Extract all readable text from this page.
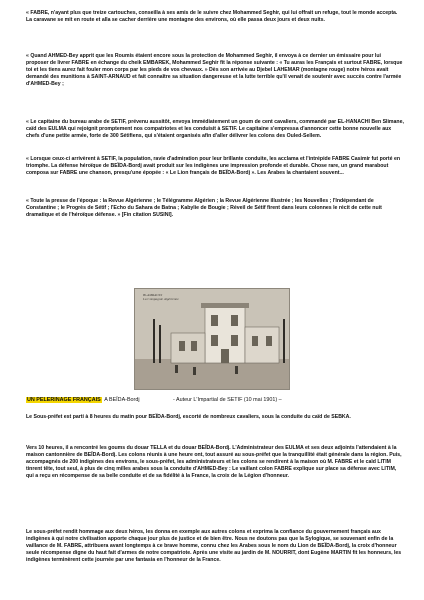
« FABRE, n'ayant plus que treize cartouches, conseilla à ses amis de le suivre chez Mohammed Seghir, qui lui offrait un refuge, tout le monde accepta. La caravane se mit en route et alla se cacher derrière une montagne des environs, où elle passa deux jours et deux nuits.

« Quand AHMED-Bey apprit que les Roumis étaient encore sous la protection de Mohammed Seghir, il envoya à ce dernier un émissaire pour lui proposer de livrer FABRE en échange du cheik EMBAREK, Mohammed Seghir fit la réponse suivante : « Tu auras les Français et surtout FABRE, lorsque toi et les tiens aurez fait fouler mon corps par les pieds de vos chevaux. » Dès son arrivée au Djebel LAHEMAR (montagne rouge) notre héros avait demandé des munitions à SAINT-ARNAUD et fait connaître sa situation dangereuse et la lutte terrible qu'il venait de soutenir avec succès contre l'armée d'AHMED-Bey ;

« Le capitaine du bureau arabe de SETIF, prévenu aussitôt, envoya immédiatement un goum de cent cavaliers, commandé par EL-HANACHI Ben Slimane, caïd des EULMA qui rejoignit promptement nos compatriotes et les conduisit à SETIF. Le capitaine s'empressa d'annoncer cette bonne nouvelle aux chefs d'une petite armée, forte de 300 Sétifiens, qui s'étaient organisés afin d'aller délivrer les colons des Ouled-Sellem.

« Lorsque ceux-ci arrivèrent à SETIF, la population, ravie d'admiration pour leur brillante conduite, les acclama et l'intrépide FABRE Casimir fut porté en triomphe. La défense héroïque de BEÏDA-Bordj avait produit sur les indigènes une impression profonde et durable. Chose rare, un grand marabout composa sur FABRE une chanson, presqu'une épopée : « Le Lion français de BEÏDA-Bordj ». Les Arabes la chantaient souvent...

« Toute la presse de l'époque : la Revue Algérienne ; le Télégramme Algérien ; la Revue Algérienne illustrée ; les Nouvelles ; l'Indépendant de Constantine ; le Progrès de Sétif ; l'Echo du Sahara de Batna ; Kabylie de Bougie ; Réveil de Sétif firent dans leurs colonnes le récit de cette nuit dramatique et de l'héroïque défense. » [Fin citation SUSINI].

Bi-AMRAOUI
La Compagnie Algérienne
UN PELERINAGE FRANÇAIS A BEÏDA-Bordj	- Auteur L'Impartial de SETIF (10 mai 1901) –

Le Sous-préfet est parti à 8 heures du matin pour BEÏDA-Bordj, escorté de nombreux cavaliers, sous la conduite du caïd de SEBKA.

Vers 10 heures, il a rencontré les goums du douar TELLA et du douar BEÏDA-Bordj. L'Administrateur des EULMA et ses deux adjoints l'attendaient à la maison cantonnière de BEÏDA-Bordj. Les colons réunis à une heure ont, tout assuré au sous-préfet que la tranquillité était générale dans la région. Puis, accompagnés de 200 indigènes des environs, le sous-préfet, les administrateurs et les colons se rendirent à la maison où M. FABRE et le caïd LITIM tinrent tête, tout seul, à plus de cinq milles arabes sous la conduite d'AHMED-Bey : Le vaillant colon FABRE explique sur place sa défense avec LITIM, qui a reçu en récompense de sa belle conduite et de sa fidélité à la France, la croix de la Légion d'honneur.

Le sous-préfet rendit hommage aux deux héros, les donna en exemple aux autres colons et exprima la confiance du gouvernement français aux indigènes à qui notre civilisation apporte chaque jour plus de justice et de bien être. Nous ne doutons pas que la Sylogique, se souvenant enfin de la vaillance de M. FABRE, attribuera avant longtemps à ce brave homme, connu chez les Arabes sous le nom du Lion de BEÏDA-Bordj, la croix d'honneur seule récompense digne du haut fait d'armes de notre compatriote. Après une visite au jardin de M. NOURRIT, dont Eugène MARTIN fit les honneurs, les indigènes terminèrent cette journée par une fantasia en l'honneur de la France.
